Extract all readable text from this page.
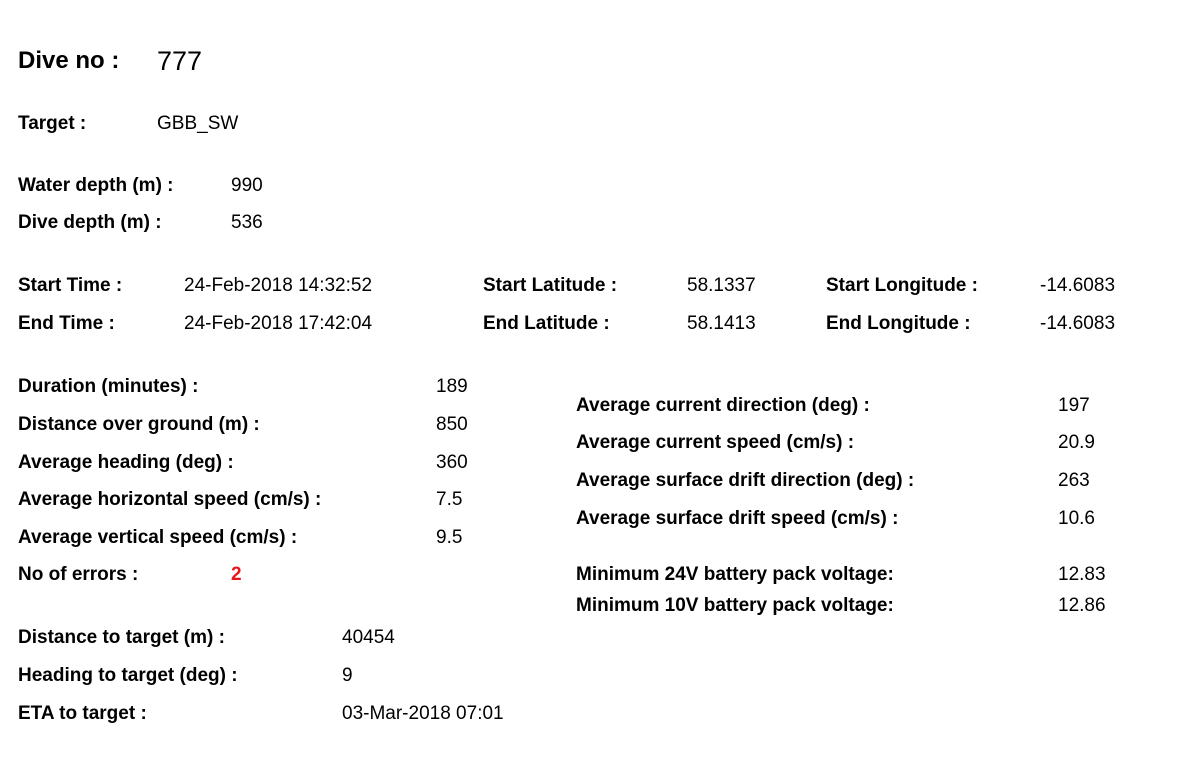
Dive no : 777
Target :	GBB_SW
Water depth (m) :	990
Dive depth (m) :	536
Start Time :	24-Feb-2018 14:32:52	Start Latitude :	58.1337	Start Longitude :	-14.6083
End Time :	24-Feb-2018 17:42:04	End Latitude :	58.1413	End Longitude :	-14.6083
Duration (minutes) :	189
Distance over ground (m) :	850
Average heading (deg) :	360
Average horizontal speed (cm/s) :	7.5
Average vertical speed (cm/s) :	9.5
No of errors :	2
Average current direction (deg) :	197
Average current speed (cm/s) :	20.9
Average surface drift direction (deg) :	263
Average surface drift speed (cm/s) :	10.6
Minimum 24V battery pack voltage:	12.83
Minimum 10V battery pack voltage:	12.86
Distance to target (m) :	40454
Heading to target (deg) :	9
ETA to target :	03-Mar-2018 07:01
